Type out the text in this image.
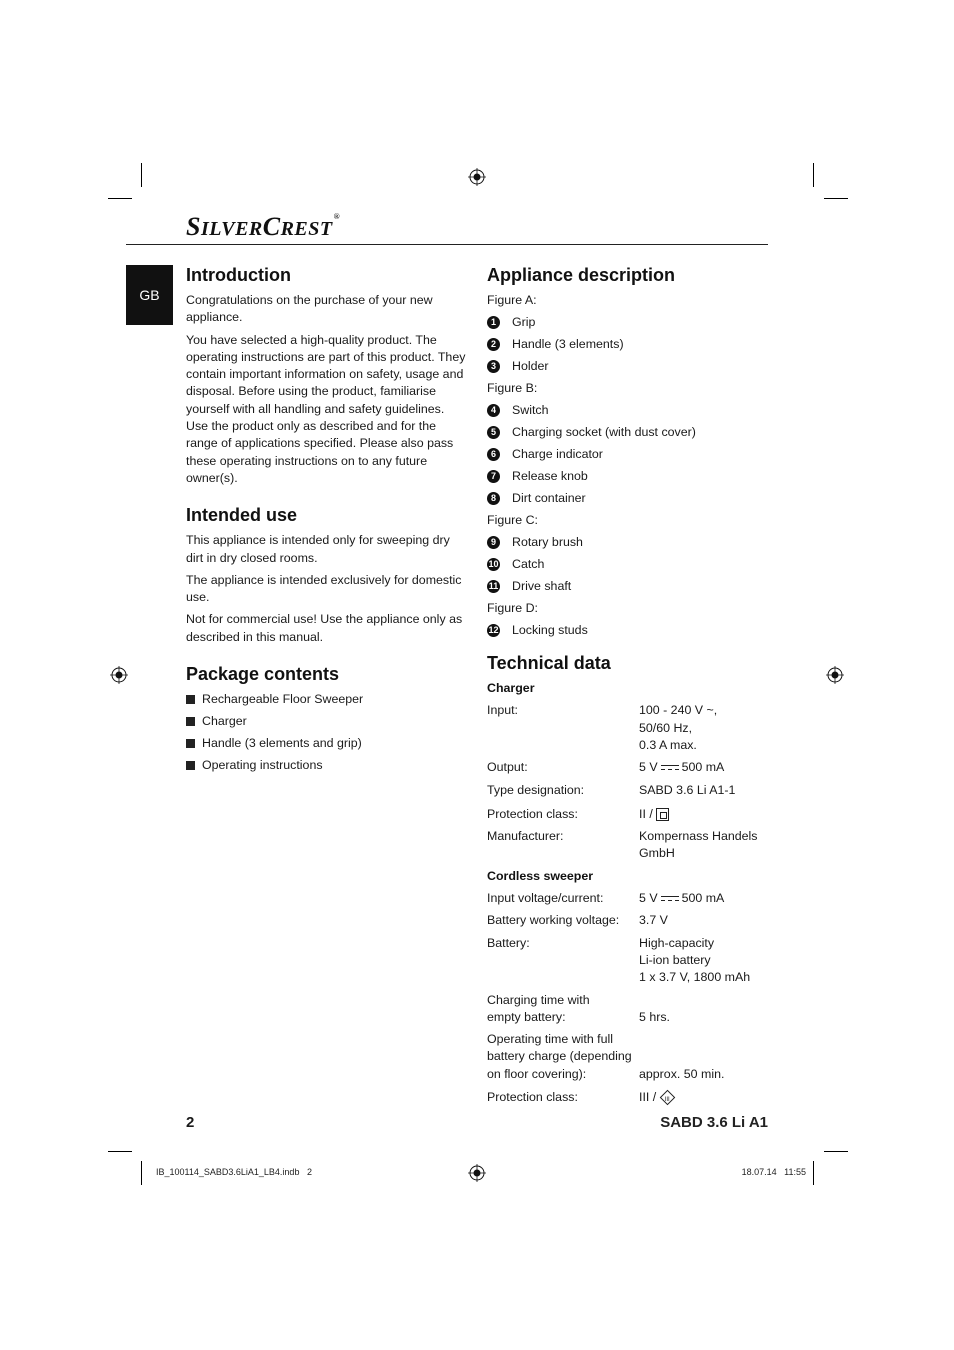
SILVERCREST®
GB
Introduction

Congratulations on the purchase of your new appliance.

You have selected a high-quality product. The operating instructions are part of this product. They contain important information on safety, usage and disposal. Before using the product, familiarise yourself with all handling and safety guidelines. Use the product only as described and for the range of applications specified. Please also pass these operating instructions on to any future owner(s).

Intended use

This appliance is intended only for sweeping dry dirt in dry closed rooms.

The appliance is intended exclusively for domestic use.

Not for commercial use! Use the appliance only as described in this manual.

Package contents
Rechargeable Floor Sweeper
Charger
Handle (3 elements and grip)
Operating instructions
Appliance description
Figure A:
1	Grip
2	Handle (3 elements)
3	Holder
Figure B:
4	Switch
5	Charging socket (with dust cover)
6	Charge indicator
7	Release knob
8	Dirt container
Figure C:
9	Rotary brush
10 Catch
11 Drive shaft
Figure D:
12 Locking studs
Technical data
Charger
Input:	100 - 240 V ~,
50/60 Hz,
0.3 A max.
Output:	5 V 500 mA
Type designation:	SABD 3.6 Li A1-1
Protection class:	II /
Manufacturer:	Kompernass Handels
GmbH
Cordless sweeper
Input voltage/current:	5 V 500 mA
Battery working voltage:	3.7 V
Battery:	High-capacity
Li-ion battery
1 x 3.7 V, 1800 mAh
Charging time with
empty battery:	5 hrs.
Operating time with full
battery charge (depending
on floor covering):	approx. 50 min.
Protection class:	III /	III
2	SABD 3.6 Li A1
IB_100114_SABD3.6LiA1_LB4.indb   2	18.07.14   11:55
